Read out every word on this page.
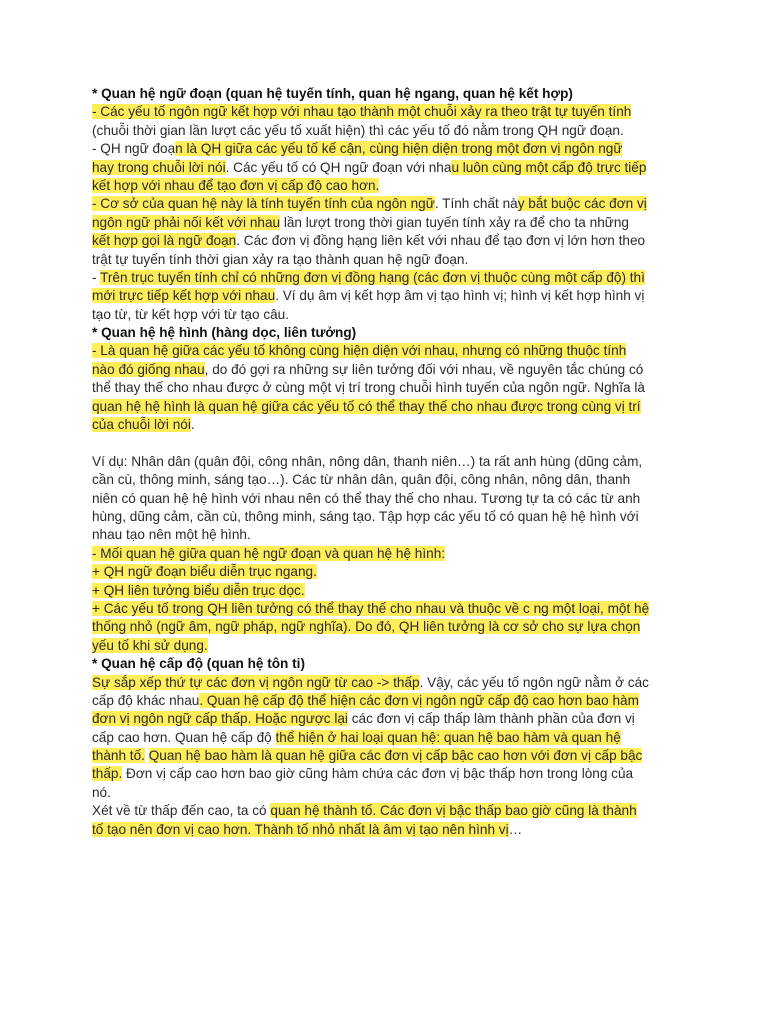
* Quan hệ ngữ đoạn (quan hệ tuyến tính, quan hệ ngang, quan hệ kết hợp)
- Các yếu tố ngôn ngữ kết hợp với nhau tạo thành một chuỗi xảy ra theo trật tự tuyến tính
(chuỗi thời gian lần lượt các yếu tố xuất hiện) thì các yếu tố đó nằm trong QH ngữ đoạn.
- QH ngữ đoạn là QH giữa các yếu tố kế cận, cùng hiện diện trong một đơn vị ngôn ngữ
hay trong chuỗi lời nói. Các yếu tố có QH ngữ đoạn với nhau luôn cùng một cấp độ trực tiếp
kết hợp với nhau để tạo đơn vị cấp độ cao hơn.
- Cơ sở của quan hệ này là tính tuyến tính của ngôn ngữ. Tính chất này bắt buộc các đơn vị
ngôn ngữ phải nối kết với nhau lần lượt trong thời gian tuyến tính xảy ra để cho ta những
kết hợp gọi là ngữ đoạn. Các đơn vị đồng hạng liên kết với nhau để tạo đơn vị lớn hơn theo
trật tự tuyến tính thời gian xảy ra tạo thành quan hệ ngữ đoạn.
- Trên trục tuyến tính chỉ có những đơn vị đồng hạng (các đơn vị thuộc cùng một cấp độ) thì
mới trực tiếp kết hợp với nhau. Ví dụ âm vị kết hợp âm vị tạo hình vị; hình vị kết hợp hình vị
tạo từ, từ kết hợp với từ tạo câu.
* Quan hệ hệ hình (hàng dọc, liên tưởng)
- Là quan hệ giữa các yếu tố không cùng hiện diện với nhau, nhưng có những thuộc tính
nào đó giống nhau, do đó gợi ra những sự liên tưởng đối với nhau, về nguyên tắc chúng có
thể thay thế cho nhau được ở cùng một vị trí trong chuỗi hình tuyến của ngôn ngữ. Nghĩa là
quan hệ hệ hình là quan hệ giữa các yếu tố có thể thay thế cho nhau được trong cùng vị trí
của chuỗi lời nói.
Ví dụ: Nhân dân (quân đội, công nhân, nông dân, thanh niên…) ta rất anh hùng (dũng cảm,
cần cù, thông minh, sáng tạo…). Các từ nhân dân, quân đội, công nhân, nông dân, thanh
niên có quan hệ hệ hình với nhau nên có thể thay thế cho nhau. Tương tự ta có các từ anh
hùng, dũng cảm, cần cù, thông minh, sáng tạo. Tập hợp các yếu tố có quan hệ hệ hình với
nhau tạo nên một hệ hình.
- Mối quan hệ giữa quan hệ ngữ đoạn và quan hệ hệ hình:
+ QH ngữ đoạn biểu diễn trục ngang.
+ QH liên tưởng biểu diễn trục dọc.
+ Các yếu tố trong QH liên tưởng có thể thay thế cho nhau và thuộc về c ng một loại, một hệ
thống nhỏ (ngữ âm, ngữ pháp, ngữ nghĩa). Do đó, QH liên tưởng là cơ sở cho sự lựa chọn
yếu tố khi sử dụng.
* Quan hệ cấp độ (quan hệ tôn ti)
Sự sắp xếp thứ tự các đơn vị ngôn ngữ từ cao -> thấp. Vậy, các yếu tố ngôn ngữ nằm ở các
cấp độ khác nhau. Quan hệ cấp độ thể hiện các đơn vị ngôn ngữ cấp độ cao hơn bao hàm
đơn vị ngôn ngữ cấp thấp. Hoặc ngược lại các đơn vị cấp thấp làm thành phần của đơn vị
cấp cao hơn. Quan hệ cấp độ thể hiện ở hai loại quan hệ: quan hệ bao hàm và quan hệ
thành tố. Quan hệ bao hàm là quan hệ giữa các đơn vị cấp bậc cao hơn với đơn vị cấp bậc
thấp. Đơn vị cấp cao hơn bao giờ cũng hàm chứa các đơn vị bậc thấp hơn trong lòng của
nó.
Xét về từ thấp đến cao, ta có quan hệ thành tố. Các đơn vị bậc thấp bao giờ cũng là thành
tố tạo nên đơn vị cao hơn. Thành tố nhỏ nhất là âm vị tạo nên hình vị…
